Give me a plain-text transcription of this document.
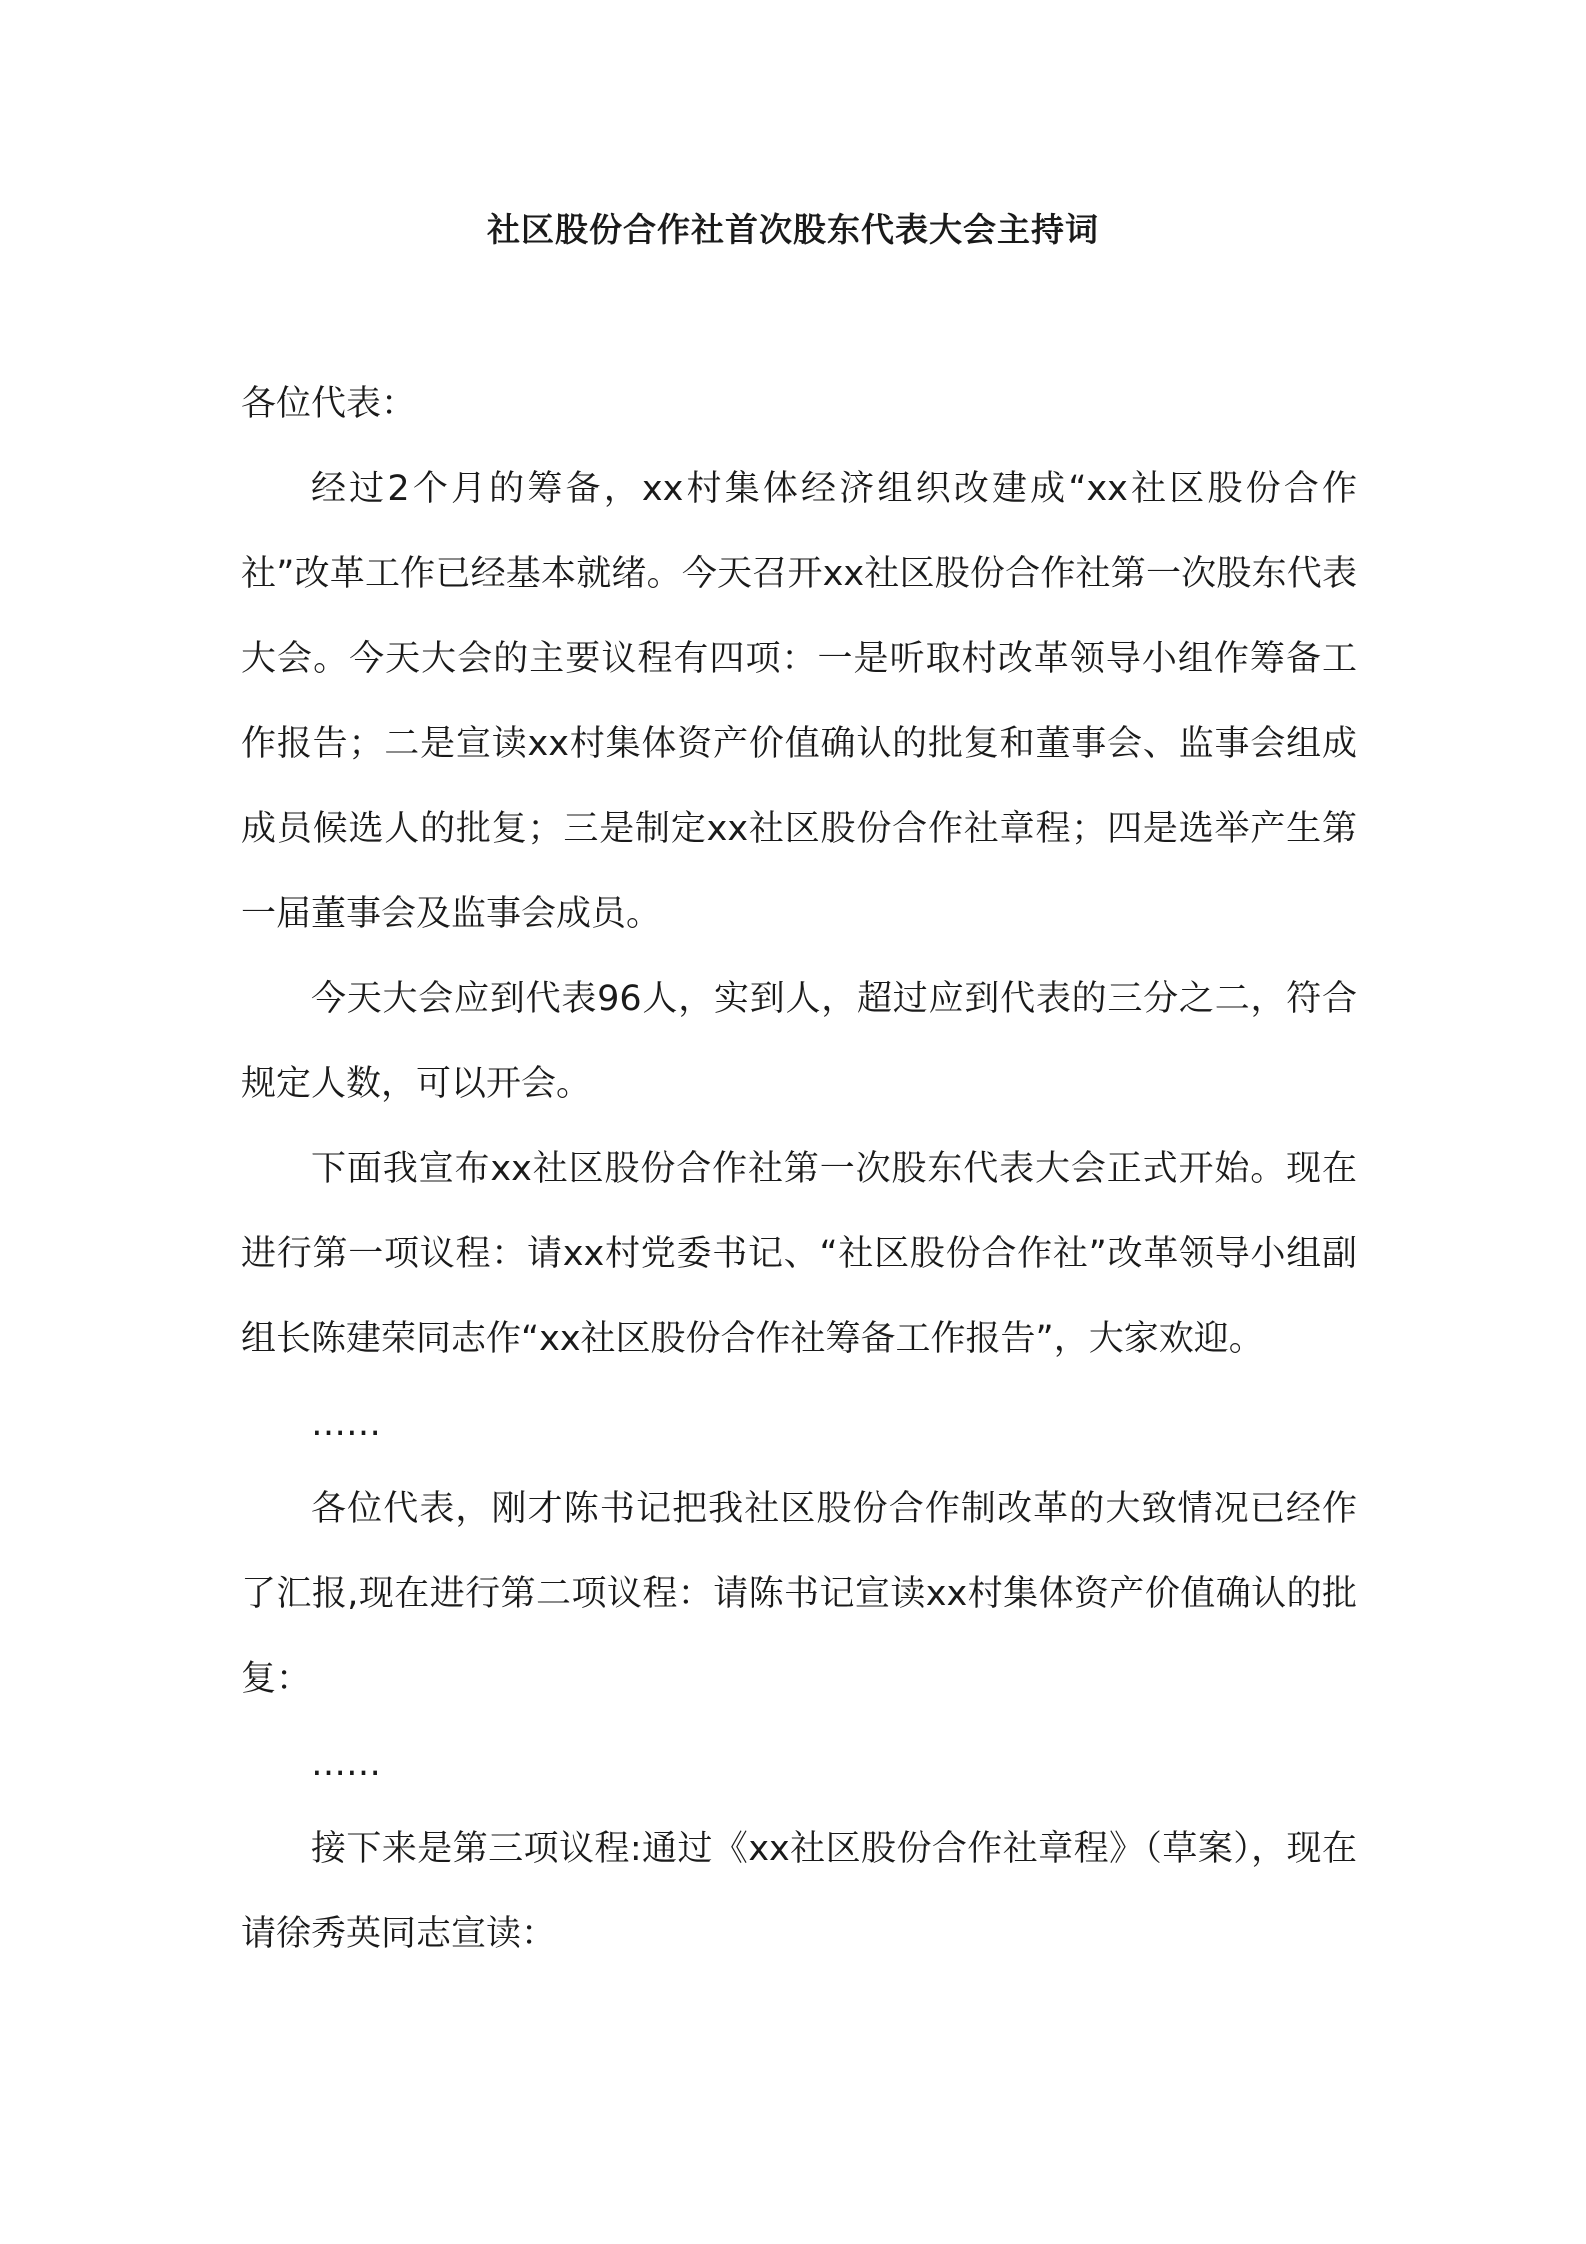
社区股份合作社首次股东代表大会主持词

各位代表：

经过2个月的筹备，xx村集体经济组织改建成“xx社区股份合作社”改革工作已经基本就绪。今天召开xx社区股份合作社第一次股东代表大会。今天大会的主要议程有四项：一是听取村改革领导小组作筹备工作报告；二是宣读xx村集体资产价值确认的批复和董事会、监事会组成成员候选人的批复；三是制定xx社区股份合作社章程；四是选举产生第一届董事会及监事会成员。

今天大会应到代表96人，实到人，超过应到代表的三分之二，符合规定人数，可以开会。

下面我宣布xx社区股份合作社第一次股东代表大会正式开始。现在进行第一项议程：请xx村党委书记、“社区股份合作社”改革领导小组副组长陈建荣同志作“xx社区股份合作社筹备工作报告”，大家欢迎。

……

各位代表，刚才陈书记把我社区股份合作制改革的大致情况已经作了汇报,现在进行第二项议程：请陈书记宣读xx村集体资产价值确认的批复：

……

接下来是第三项议程:通过《xx社区股份合作社章程》（草案），现在请徐秀英同志宣读：
